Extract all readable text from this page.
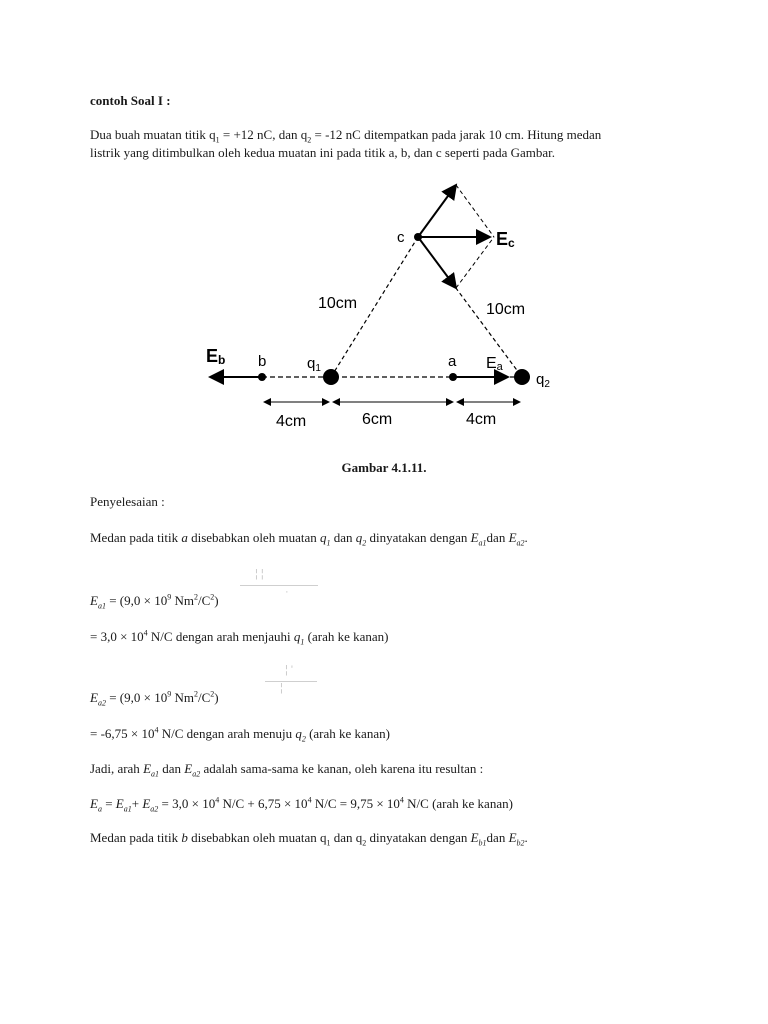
contoh Soal I :
Dua buah muatan titik $q_1 = +12$ nC, dan $q_2 = -12$ nC ditempatkan pada jarak 10 cm. Hitung medan
listrik yang ditimbulkan oleh kedua muatan ini pada titik a, b, dan c seperti pada Gambar.
c	Ec
10cm	10cm
Eb b	$q_1$	a Ea
$q_2$
4cm	6cm	4cm
Gambar 4.1.11.
Penyelesaian :
Medan pada titik a disebabkan oleh muatan $q_1$ dan $q_2$ dinyatakan dengan $E_{a1}dan$ $E_{a2}$.
¦ ¦
·
$E_{a1} = (9,0 \times 10^9$ $Nm^2/C^2$)
= $3,0 \times 10^4$ N/C dengan arah menjauhi $q_1$ (arah ke kanan)
¦ '
¦
$E_{a2} = (9,0 \times 10^9$ $Nm^2/C^2$)
= $-6,75 \times 10^4$ N/C dengan arah menuju $q_2$ (arah ke kanan)
Jadi, arah $E_{a1}$ dan $E_{a2}$ adalah sama-sama ke kanan, oleh karena itu resultan :
$E_a = E_{a1}+ E_{a2} = 3,0 \times 10^4$ $N/C + 6,75 \times 10^4$ $N/C = 9,75 \times 10^4$ N/C (arah ke kanan)
Medan pada titik b disebabkan oleh muatan $q_1$ dan $q_2$ dinyatakan dengan $E_{b1}dan$ $E_{b2}$.
